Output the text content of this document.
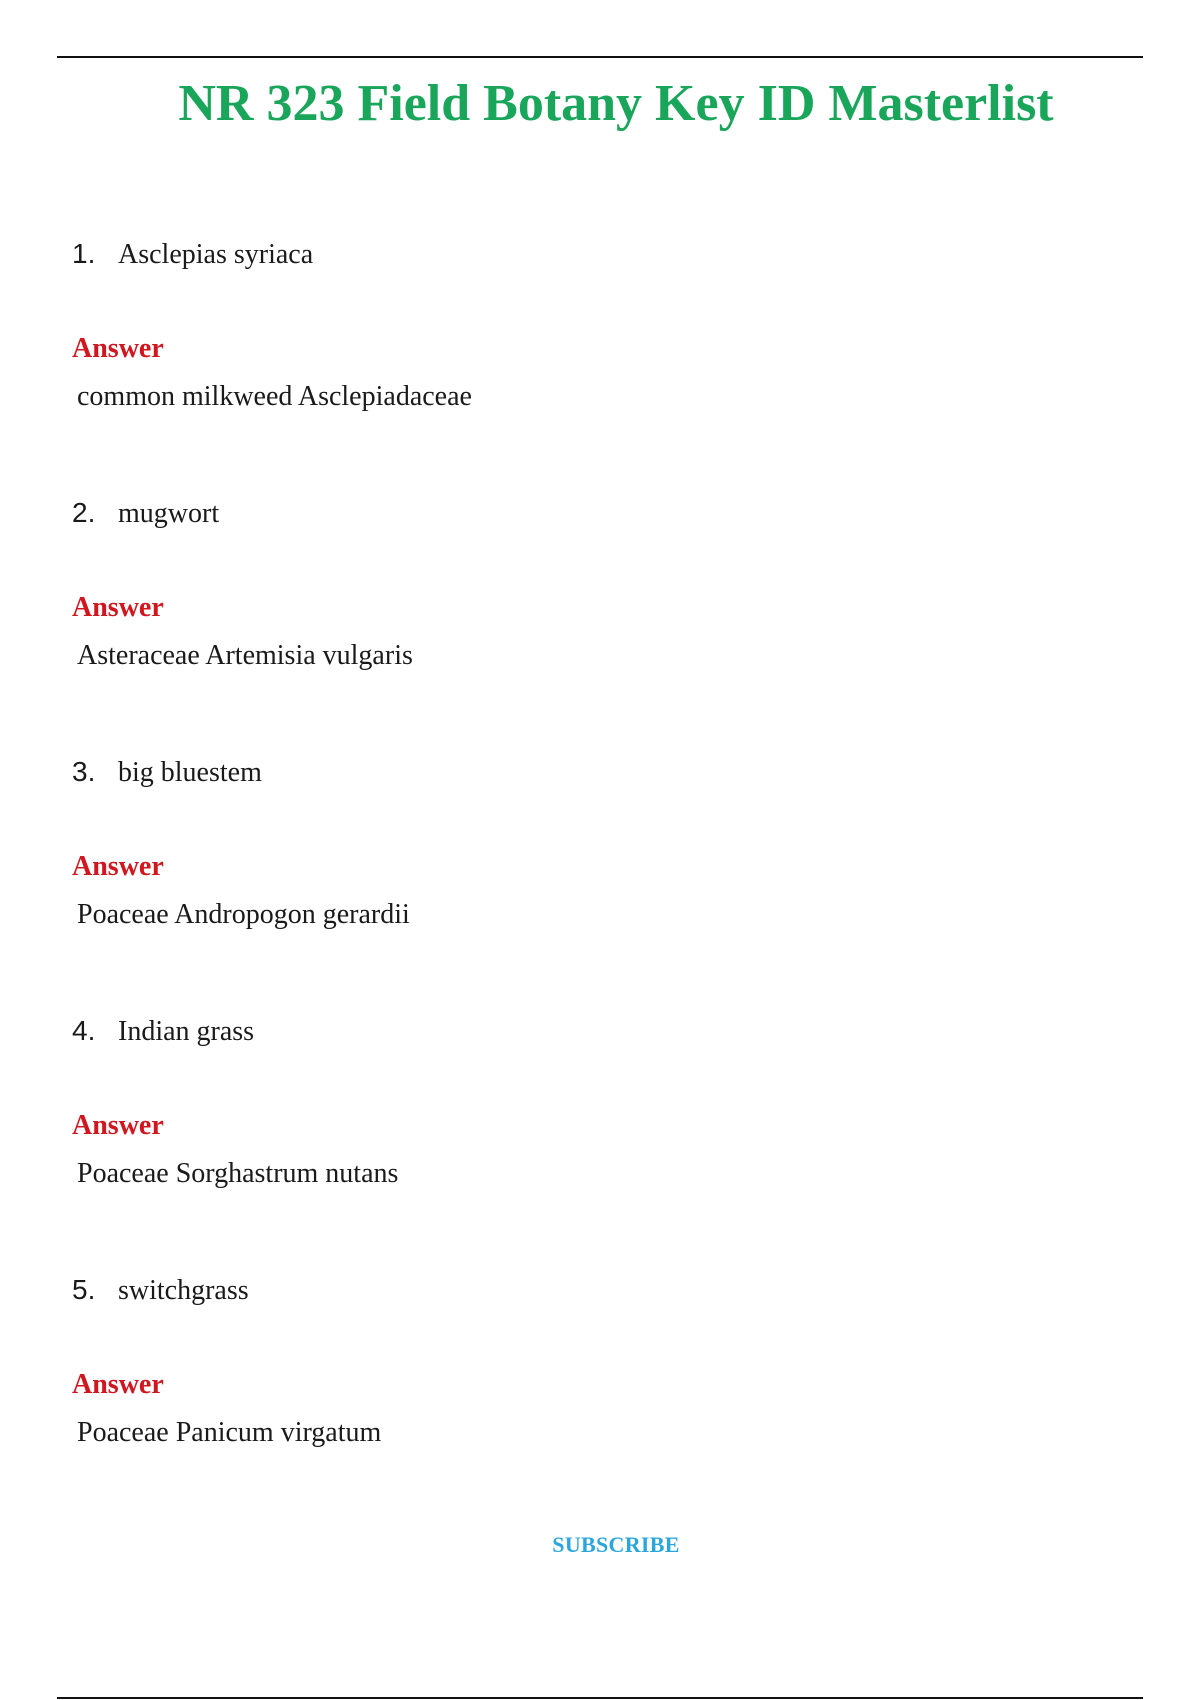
NR 323 Field Botany Key ID Masterlist
1. Asclepias syriaca
Answer
common milkweed Asclepiadaceae
2. mugwort
Answer
Asteraceae Artemisia vulgaris
3. big bluestem
Answer
Poaceae Andropogon gerardii
4. Indian grass
Answer
Poaceae Sorghastrum nutans
5. switchgrass
Answer
Poaceae Panicum virgatum
SUBSCRIBE
